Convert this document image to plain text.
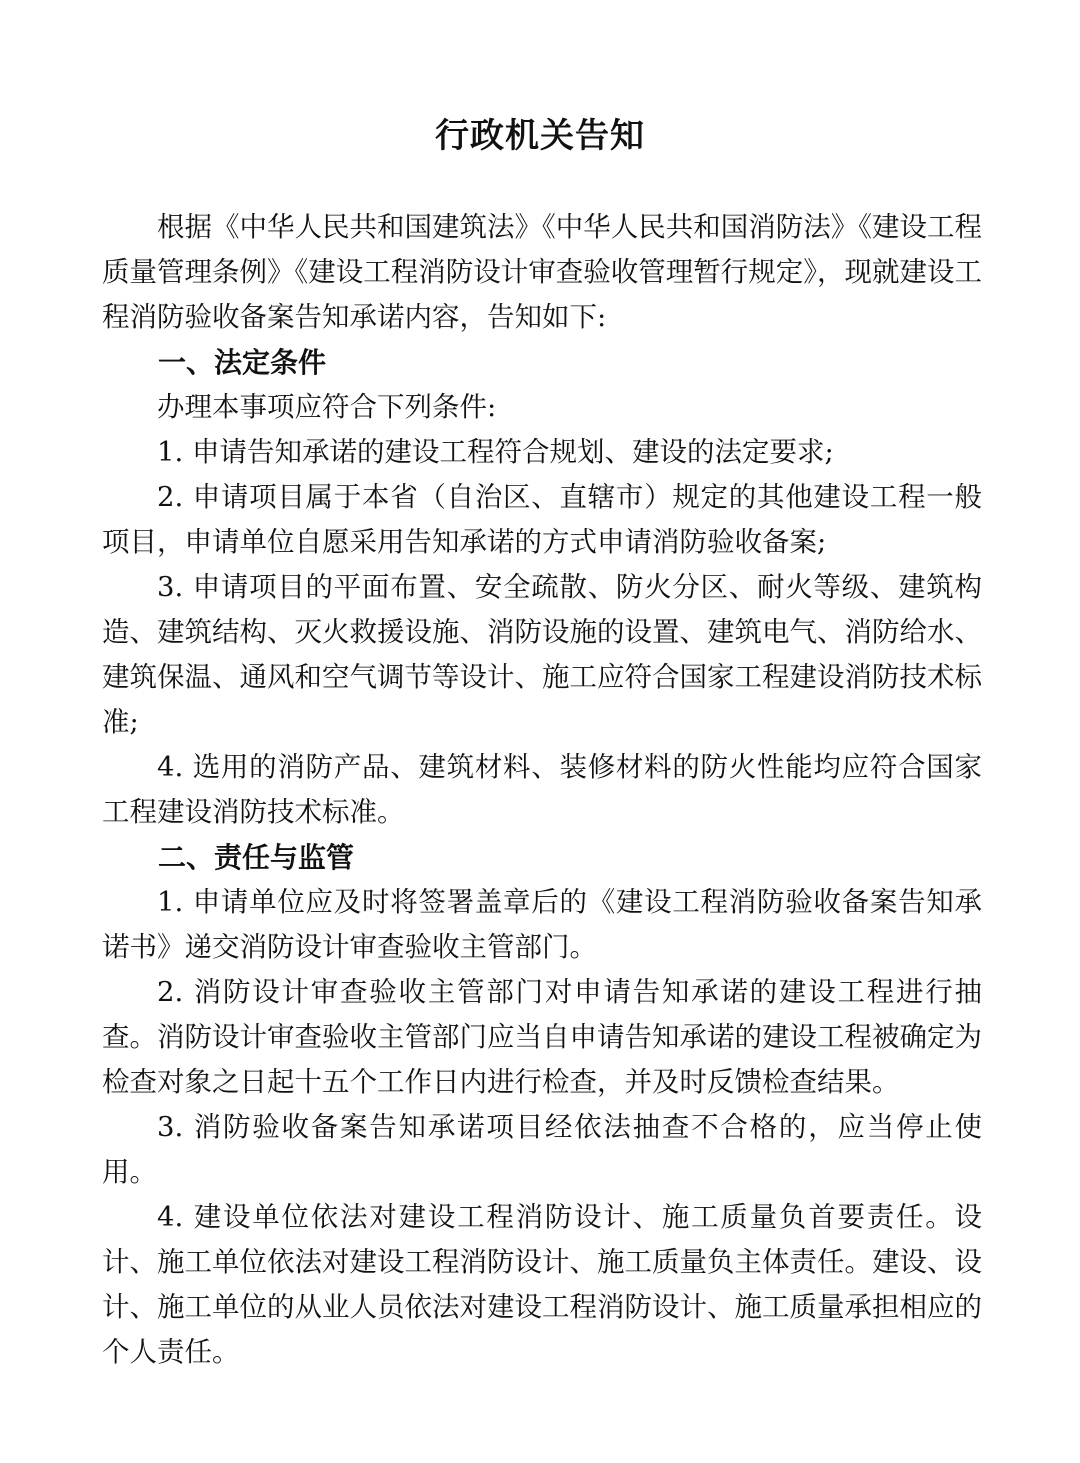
行政机关告知

根据《中华人民共和国建筑法》《中华人民共和国消防法》《建设工程质量管理条例》《建设工程消防设计审查验收管理暂行规定》，现就建设工程消防验收备案告知承诺内容，告知如下:

一、法定条件

办理本事项应符合下列条件:

1. 申请告知承诺的建设工程符合规划、建设的法定要求;

2. 申请项目属于本省（自治区、直辖市）规定的其他建设工程一般项目，申请单位自愿采用告知承诺的方式申请消防验收备案;

3. 申请项目的平面布置、安全疏散、防火分区、耐火等级、建筑构造、建筑结构、灭火救援设施、消防设施的设置、建筑电气、消防给水、建筑保温、通风和空气调节等设计、施工应符合国家工程建设消防技术标准;

4. 选用的消防产品、建筑材料、装修材料的防火性能均应符合国家工程建设消防技术标准。

二、责任与监管

1. 申请单位应及时将签署盖章后的《建设工程消防验收备案告知承诺书》递交消防设计审查验收主管部门。

2. 消防设计审查验收主管部门对申请告知承诺的建设工程进行抽查。消防设计审查验收主管部门应当自申请告知承诺的建设工程被确定为检查对象之日起十五个工作日内进行检查，并及时反馈检查结果。

3. 消防验收备案告知承诺项目经依法抽查不合格的，应当停止使用。

4. 建设单位依法对建设工程消防设计、施工质量负首要责任。设计、施工单位依法对建设工程消防设计、施工质量负主体责任。建设、设计、施工单位的从业人员依法对建设工程消防设计、施工质量承担相应的个人责任。
